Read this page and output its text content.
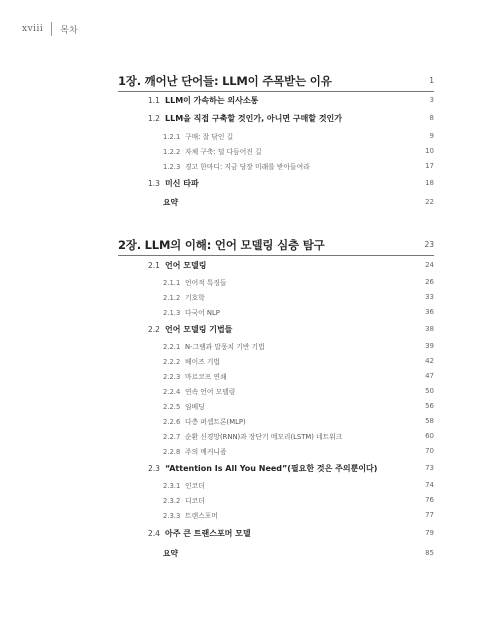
xviii 목차
1장. 깨어난 단어들: LLM이 주목받는 이유	1
1.1 LLM이 가속하는 의사소통	3
1.2 LLM을 직접 구축할 것인가, 아니면 구매할 것인가	8
1.2.1 구매: 잘 닦인 길	9
1.2.2 자체 구축: 덜 다듬어진 길	10
1.2.3 경고 한마디: 지금 당장 미래를 받아들여라	17
1.3 미신 타파	18
요약	22
2장. LLM의 이해: 언어 모델링 심층 탐구	23
2.1 언어 모델링	24
2.1.1 언어적 특징들	26
2.1.2 기호학	33
2.1.3 다국어 NLP	36
2.2 언어 모델링 기법들	38
2.2.1 N-그램과 말뭉치 기반 기법	39
2.2.2 베이즈 기법	42
2.2.3 마르코프 연쇄	47
2.2.4 연속 언어 모델링	50
2.2.5 임베딩	56
2.2.6 다층 퍼셉트론(MLP)	58
2.2.7 순환 신경망(RNN)과 장단기 메모리(LSTM) 네트워크	60
2.2.8 주의 메커니즘	70
2.3 “Attention Is All You Need”(필요한 것은 주의뿐이다)	73
2.3.1 인코더	74
2.3.2 디코더	76
2.3.3 트랜스포머	77
2.4 아주 큰 트랜스포머 모델	79
요약	85
